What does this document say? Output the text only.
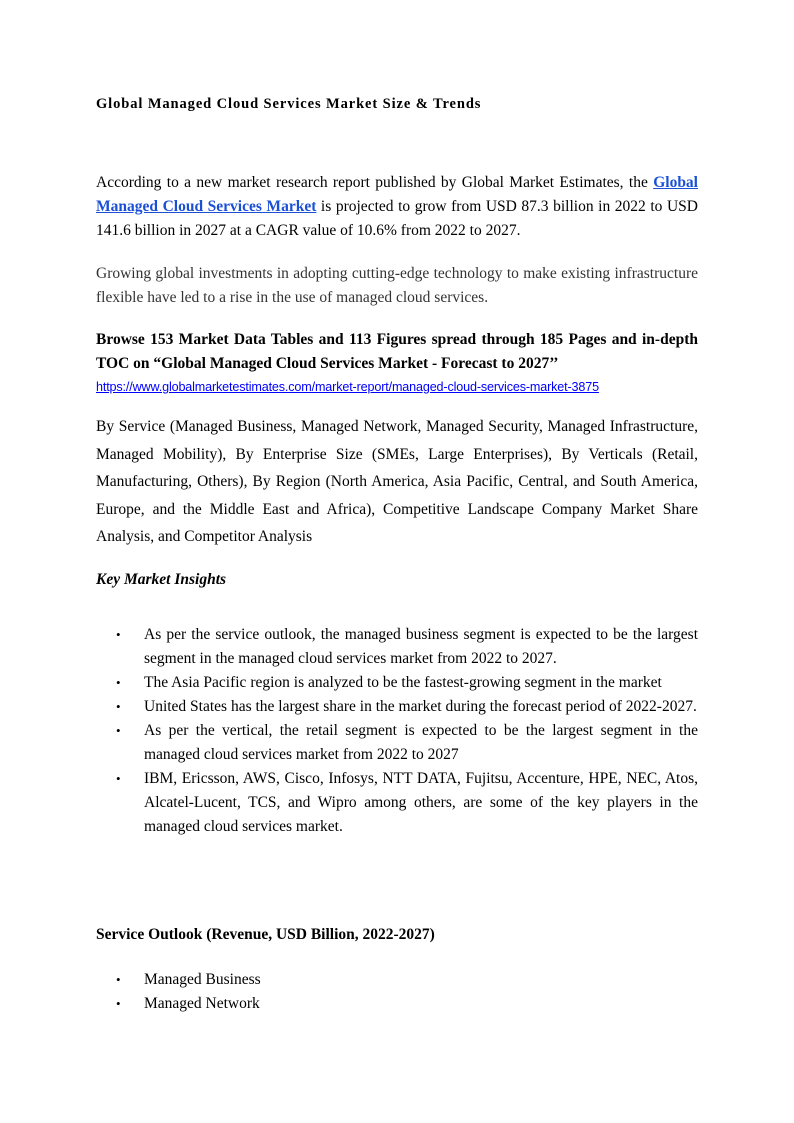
Global Managed Cloud Services Market Size & Trends

According to a new market research report published by Global Market Estimates, the Global Managed Cloud Services Market is projected to grow from USD 87.3 billion in 2022 to USD 141.6 billion in 2027 at a CAGR value of 10.6% from 2022 to 2027.

Growing global investments in adopting cutting-edge technology to make existing infrastructure flexible have led to a rise in the use of managed cloud services.

Browse 153 Market Data Tables and 113 Figures spread through 185 Pages and in-depth TOC on “Global Managed Cloud Services Market - Forecast to 2027’’
https://www.globalmarketestimates.com/market-report/managed-cloud-services-market-3875

By Service (Managed Business, Managed Network, Managed Security, Managed Infrastructure, Managed Mobility), By Enterprise Size (SMEs, Large Enterprises), By Verticals (Retail, Manufacturing, Others), By Region (North America, Asia Pacific, Central, and South America, Europe, and the Middle East and Africa), Competitive Landscape Company Market Share Analysis, and Competitor Analysis

Key Market Insights
• As per the service outlook, the managed business segment is expected to be the largest segment in the managed cloud services market from 2022 to 2027.
• The Asia Pacific region is analyzed to be the fastest-growing segment in the market
• United States has the largest share in the market during the forecast period of 2022-2027.
• As per the vertical, the retail segment is expected to be the largest segment in the managed cloud services market from 2022 to 2027
• IBM, Ericsson, AWS, Cisco, Infosys, NTT DATA, Fujitsu, Accenture, HPE, NEC, Atos, Alcatel-Lucent, TCS, and Wipro among others, are some of the key players in the managed cloud services market.
Service Outlook (Revenue, USD Billion, 2022-2027)
• Managed Business
• Managed Network
